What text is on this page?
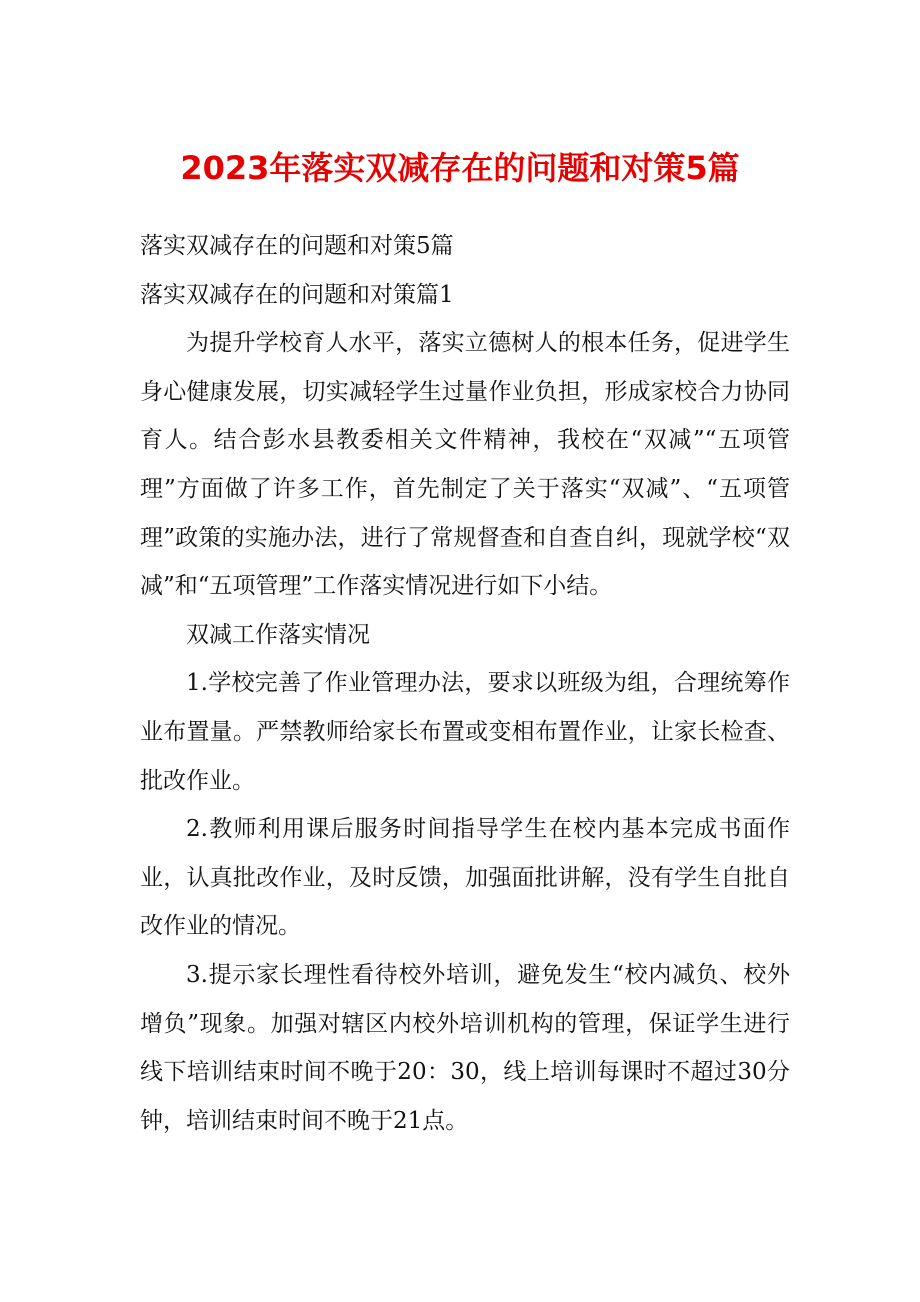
2023年落实双减存在的问题和对策5篇

落实双减存在的问题和对策5篇

落实双减存在的问题和对策篇1

为提升学校育人水平，落实立德树人的根本任务，促进学生身心健康发展，切实减轻学生过量作业负担，形成家校合力协同育人。结合彭水县教委相关文件精神，我校在“双减”“五项管理”方面做了许多工作，首先制定了关于落实“双减”、“五项管理”政策的实施办法，进行了常规督查和自查自纠，现就学校“双减”和“五项管理”工作落实情况进行如下小结。

双减工作落实情况

1.学校完善了作业管理办法，要求以班级为组，合理统筹作业布置量。严禁教师给家长布置或变相布置作业，让家长检查、批改作业。

2.教师利用课后服务时间指导学生在校内基本完成书面作业，认真批改作业，及时反馈，加强面批讲解，没有学生自批自改作业的情况。

3.提示家长理性看待校外培训，避免发生“校内减负、校外增负”现象。加强对辖区内校外培训机构的管理，保证学生进行线下培训结束时间不晚于20：30，线上培训每课时不超过30分钟，培训结束时间不晚于21点。
